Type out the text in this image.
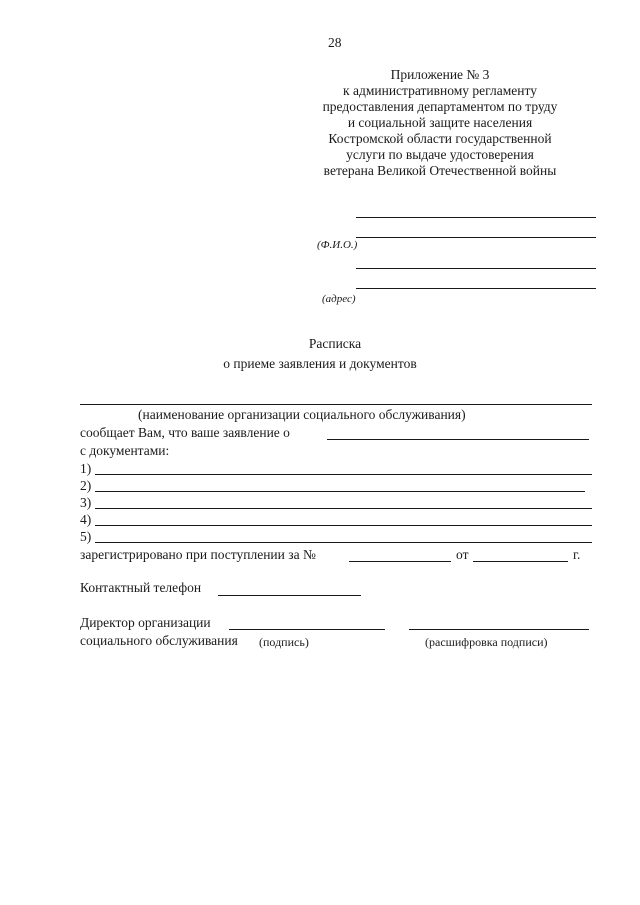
28
Приложение № 3
к административному регламенту
предоставления департаментом по труду
и социальной защите населения
Костромской области государственной
услуги по выдаче удостоверения
ветерана Великой Отечественной войны
(Ф.И.О.)
(адрес)
Расписка
о приеме заявления и документов
(наименование организации социального обслуживания)
сообщает Вам, что ваше заявление о
с документами:
1)
2)
3)
4)
5)
зарегистрировано при поступлении за №	от	г.
Контактный телефон
Директор организации
социального обслуживания (подпись)	(расшифровка подписи)
